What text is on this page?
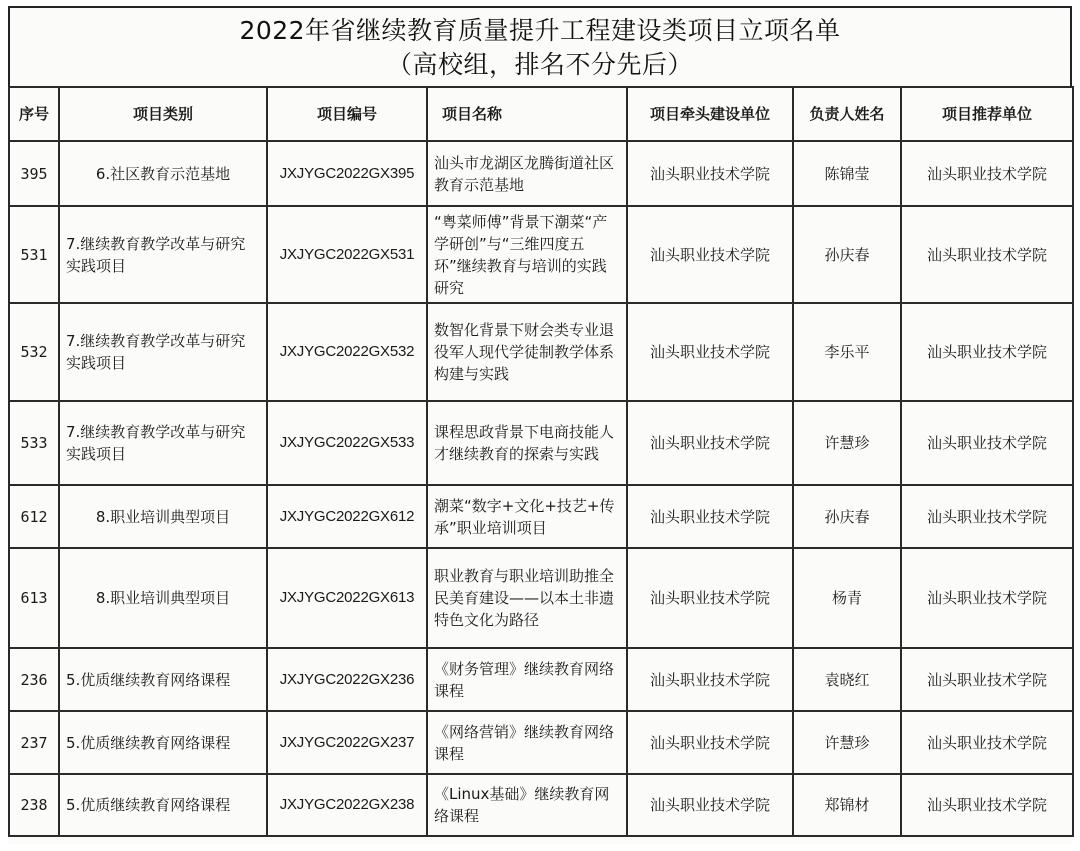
2022年省继续教育质量提升工程建设类项目立项名单
（高校组，排名不分先后）
序号	项目类别	项目编号	项目名称	项目牵头建设单位	负责人姓名	项目推荐单位
395	6.社区教育示范基地	JXJYGC2022GX395	汕头市龙湖区龙腾街道社区教育示范基地	汕头职业技术学院	陈锦莹	汕头职业技术学院
531	7.继续教育教学改革与研究实践项目	JXJYGC2022GX531	“粤菜师傅”背景下潮菜“产学研创”与“三维四度五环”继续教育与培训的实践研究	汕头职业技术学院	孙庆春	汕头职业技术学院
532	7.继续教育教学改革与研究实践项目	JXJYGC2022GX532	数智化背景下财会类专业退役军人现代学徒制教学体系构建与实践	汕头职业技术学院	李乐平	汕头职业技术学院
533	7.继续教育教学改革与研究实践项目	JXJYGC2022GX533	课程思政背景下电商技能人才继续教育的探索与实践	汕头职业技术学院	许慧珍	汕头职业技术学院
612	8.职业培训典型项目	JXJYGC2022GX612	潮菜“数字+文化+技艺+传承”职业培训项目	汕头职业技术学院	孙庆春	汕头职业技术学院
613	8.职业培训典型项目	JXJYGC2022GX613	职业教育与职业培训助推全民美育建设——以本土非遗特色文化为路径	汕头职业技术学院	杨青	汕头职业技术学院
236	5.优质继续教育网络课程	JXJYGC2022GX236	《财务管理》继续教育网络课程	汕头职业技术学院	袁晓红	汕头职业技术学院
237	5.优质继续教育网络课程	JXJYGC2022GX237	《网络营销》继续教育网络课程	汕头职业技术学院	许慧珍	汕头职业技术学院
238	5.优质继续教育网络课程	JXJYGC2022GX238	《Linux基础》继续教育网络课程	汕头职业技术学院	郑锦材	汕头职业技术学院
